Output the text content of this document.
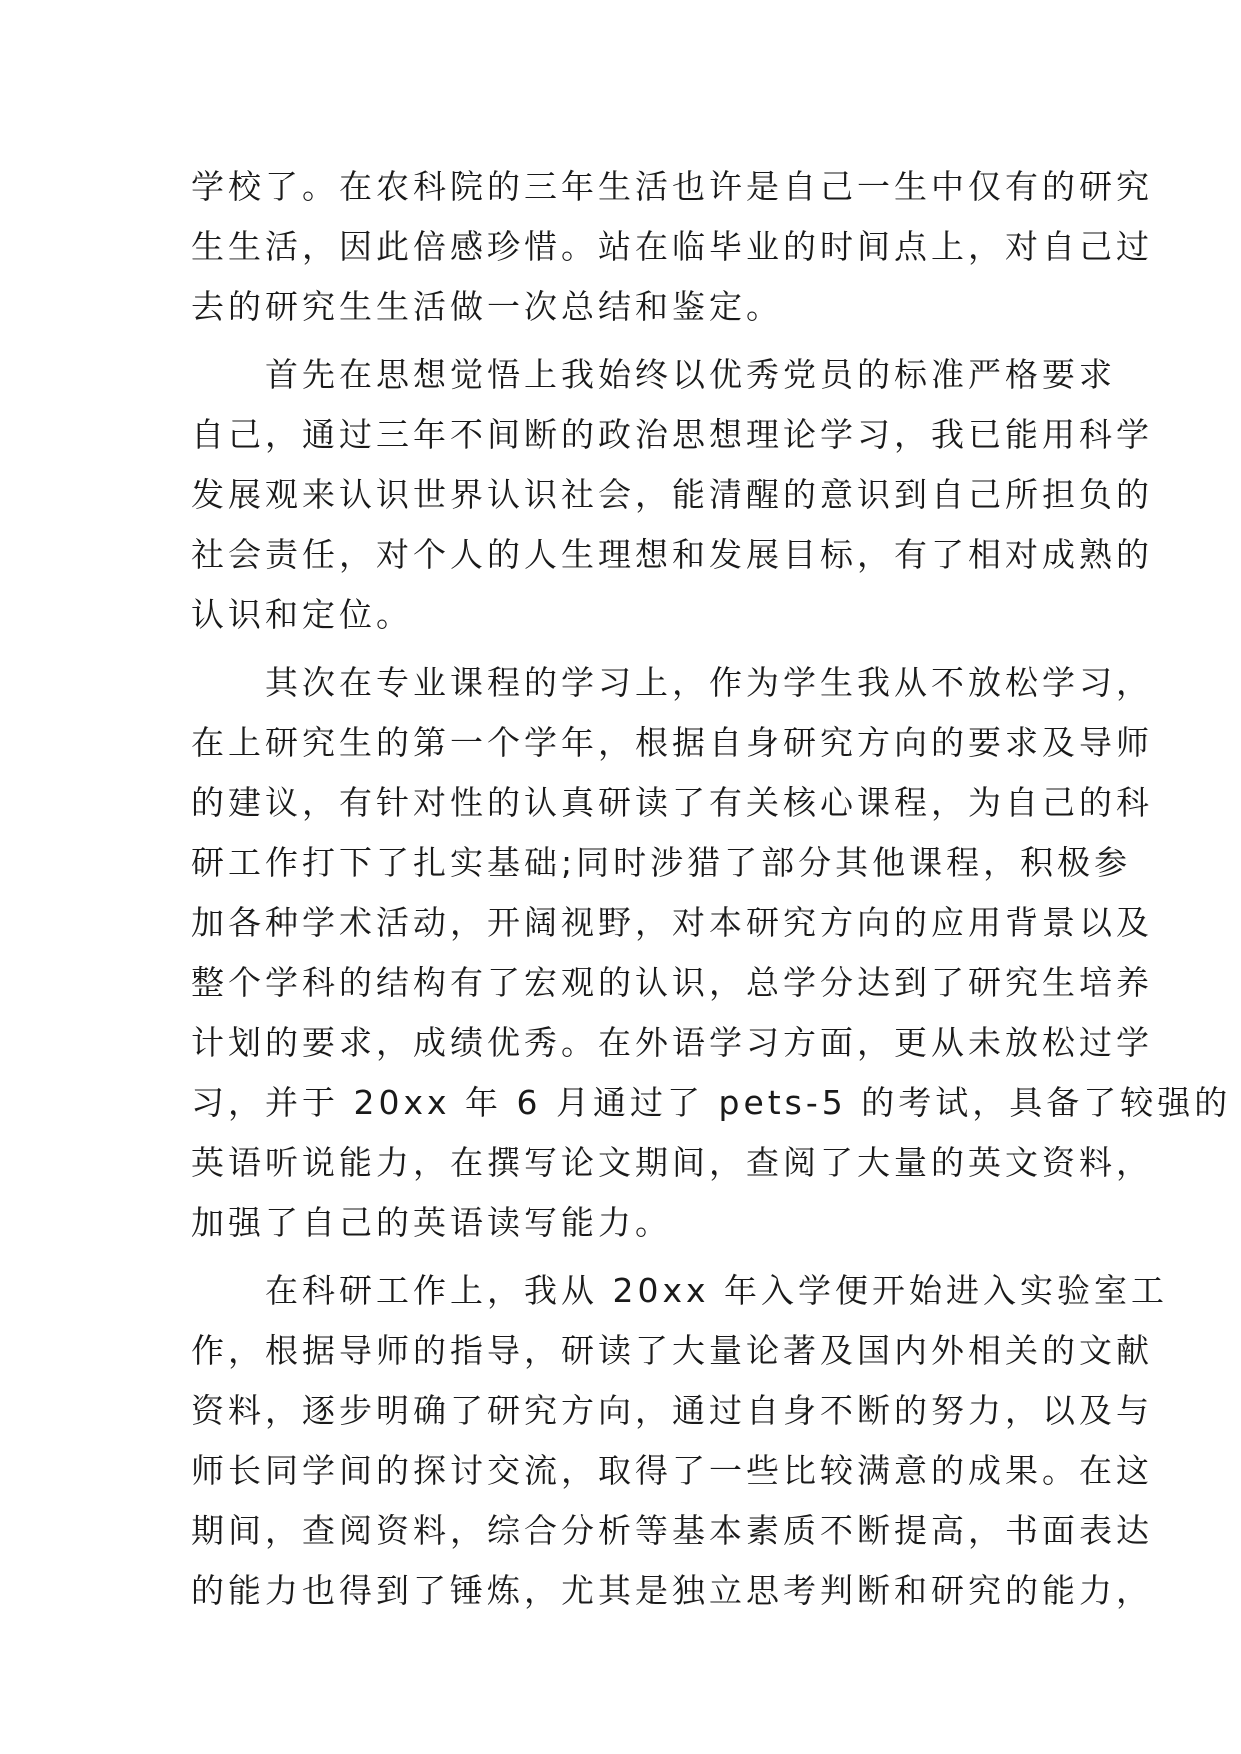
学校了。在农科院的三年生活也许是自己一生中仅有的研究
生生活，因此倍感珍惜。站在临毕业的时间点上，对自己过
去的研究生生活做一次总结和鉴定。
　　首先在思想觉悟上我始终以优秀党员的标准严格要求
自己，通过三年不间断的政治思想理论学习，我已能用科学
发展观来认识世界认识社会，能清醒的意识到自己所担负的
社会责任，对个人的人生理想和发展目标，有了相对成熟的
认识和定位。
　　其次在专业课程的学习上，作为学生我从不放松学习，
在上研究生的第一个学年，根据自身研究方向的要求及导师
的建议，有针对性的认真研读了有关核心课程，为自己的科
研工作打下了扎实基础;同时涉猎了部分其他课程，积极参
加各种学术活动，开阔视野，对本研究方向的应用背景以及
整个学科的结构有了宏观的认识，总学分达到了研究生培养
计划的要求，成绩优秀。在外语学习方面，更从未放松过学
习，并于 20xx 年 6 月通过了 pets-5 的考试，具备了较强的
英语听说能力，在撰写论文期间，查阅了大量的英文资料，
加强了自己的英语读写能力。
　　在科研工作上，我从 20xx 年入学便开始进入实验室工
作，根据导师的指导，研读了大量论著及国内外相关的文献
资料，逐步明确了研究方向，通过自身不断的努力，以及与
师长同学间的探讨交流，取得了一些比较满意的成果。在这
期间，查阅资料，综合分析等基本素质不断提高，书面表达
的能力也得到了锤炼，尤其是独立思考判断和研究的能力，
